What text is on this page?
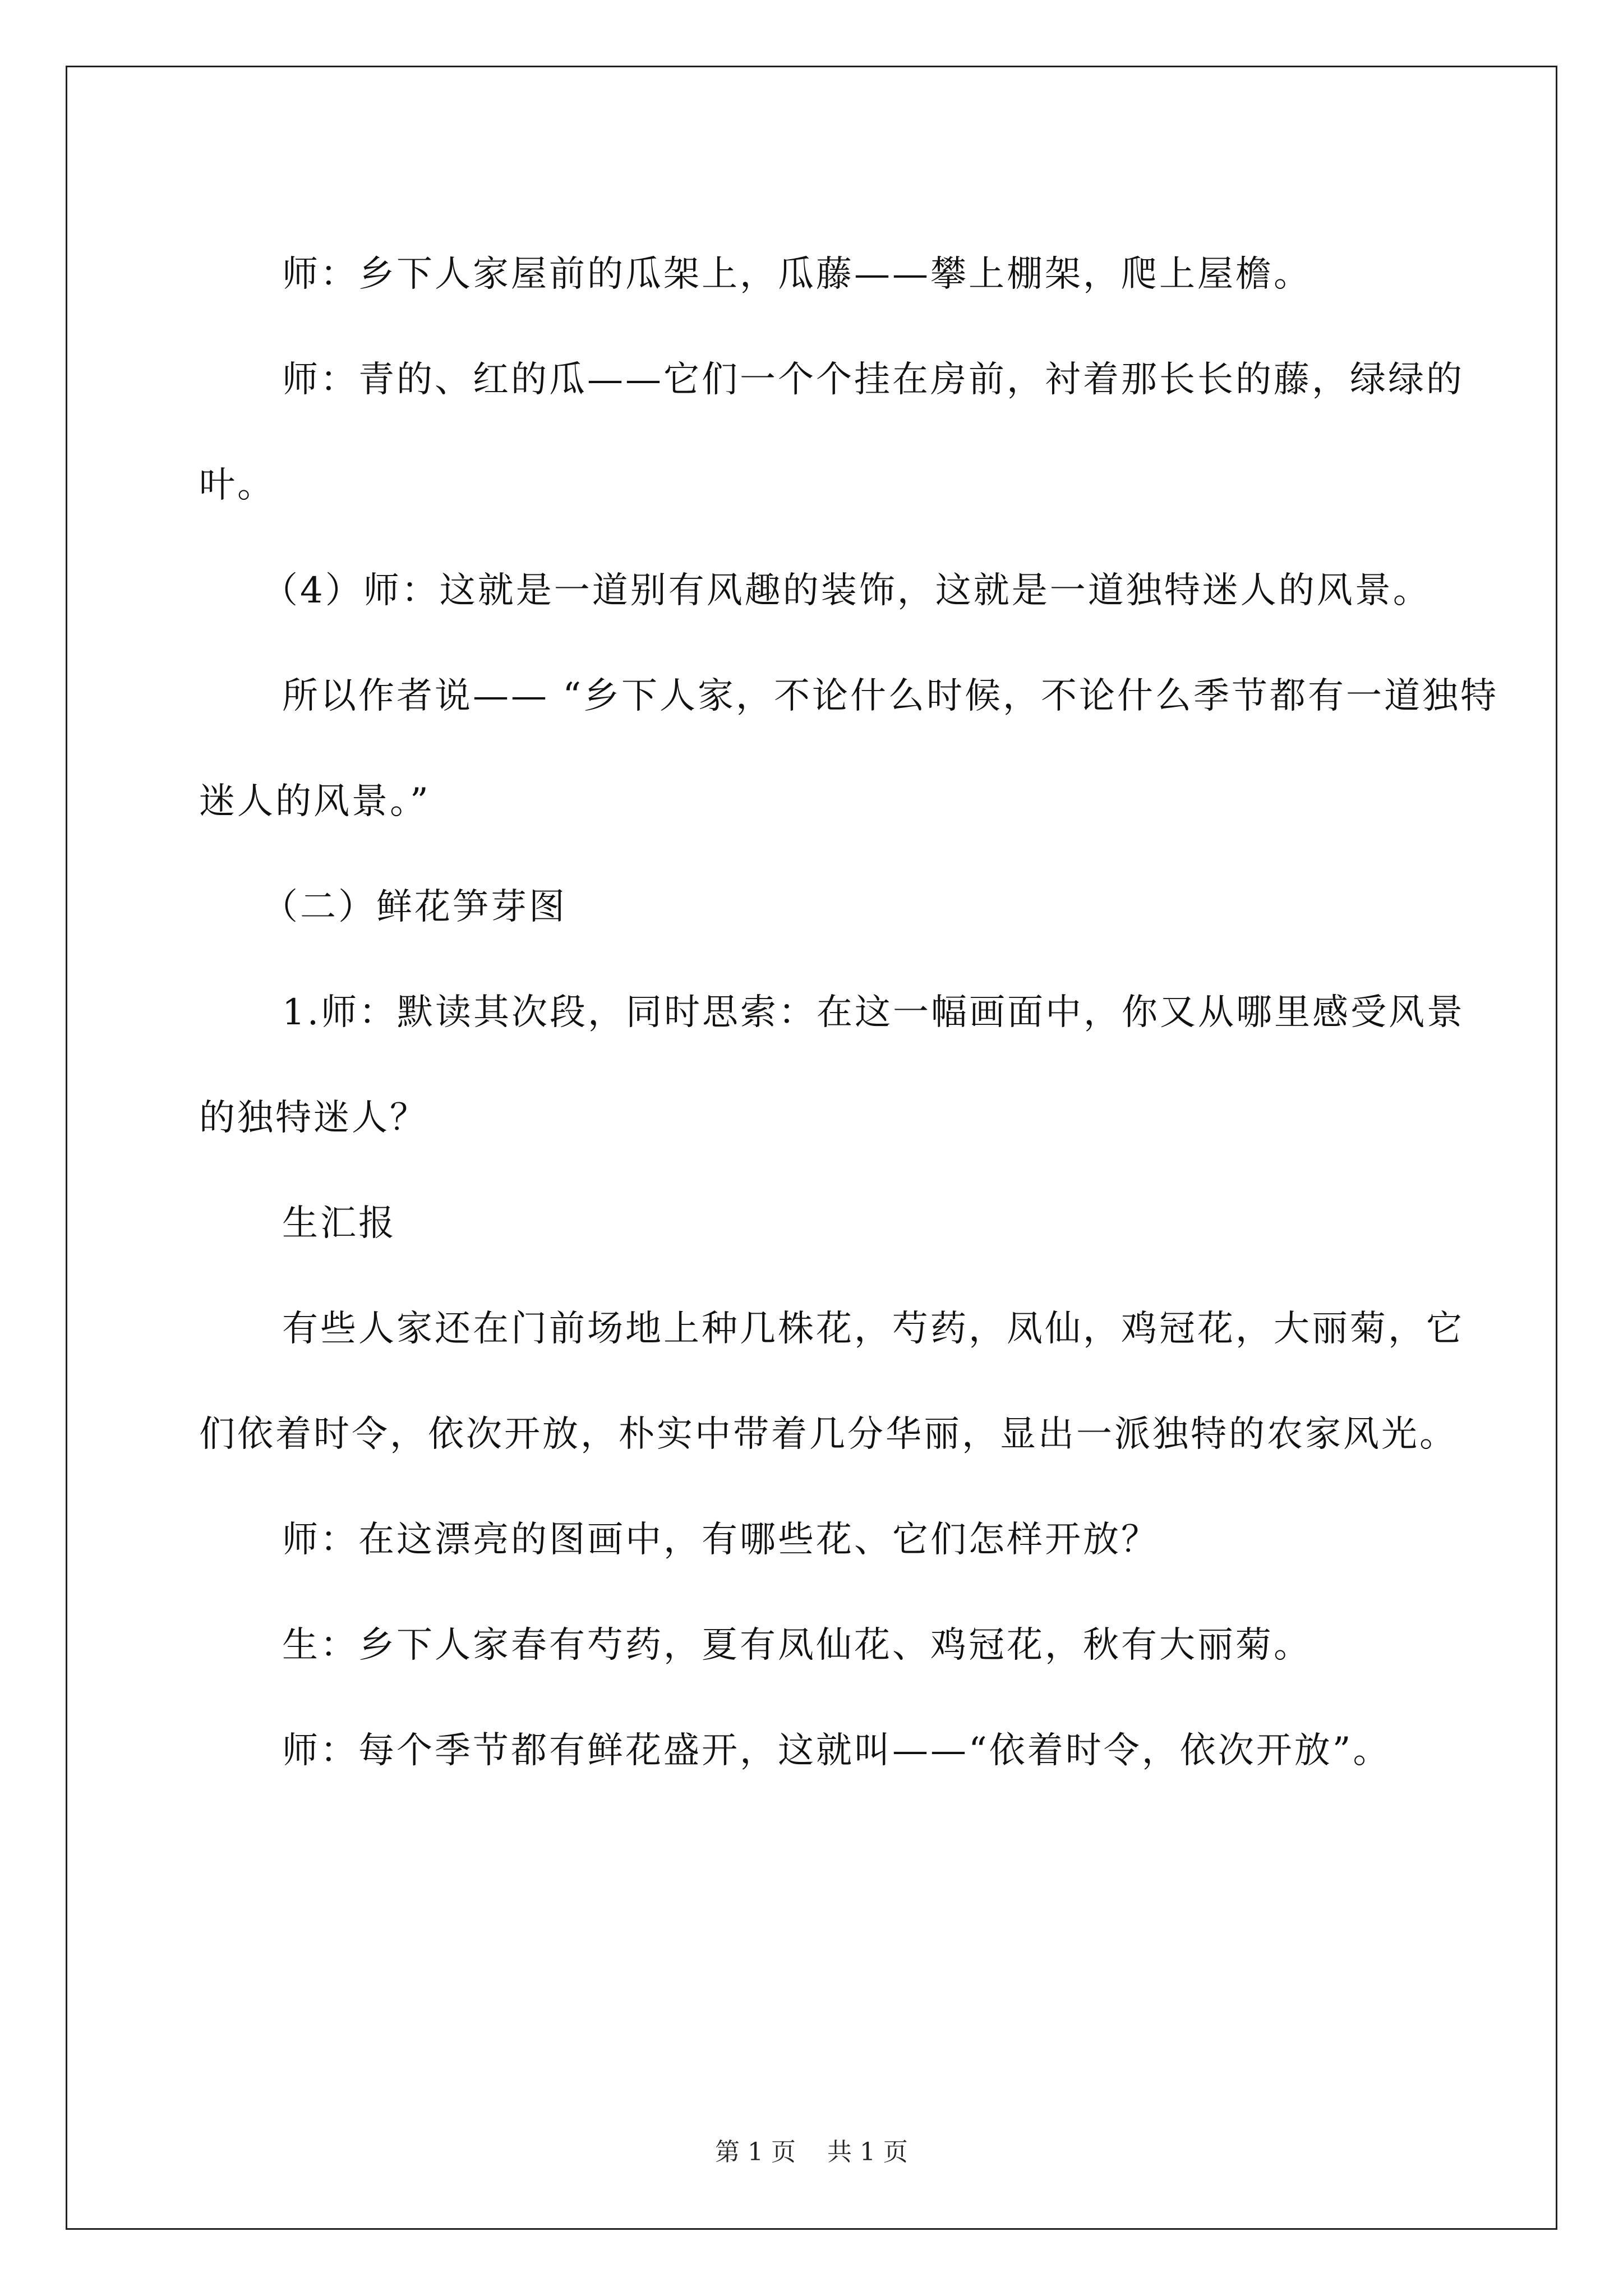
师：乡下人家屋前的瓜架上，瓜藤——攀上棚架，爬上屋檐。

师：青的、红的瓜——它们一个个挂在房前，衬着那长长的藤，绿绿的叶。

（4）师：这就是一道别有风趣的装饰，这就是一道独特迷人的风景。

所以作者说—— “乡下人家，不论什么时候，不论什么季节都有一道独特迷人的风景。”

（二）鲜花笋芽图

1.师：默读其次段，同时思索：在这一幅画面中，你又从哪里感受风景的独特迷人？

生汇报

有些人家还在门前场地上种几株花，芍药，凤仙，鸡冠花，大丽菊，它们依着时令，依次开放，朴实中带着几分华丽，显出一派独特的农家风光。

师：在这漂亮的图画中，有哪些花、它们怎样开放？

生：乡下人家春有芍药，夏有凤仙花、鸡冠花，秋有大丽菊。

师：每个季节都有鲜花盛开，这就叫——“依着时令，依次开放”。

第 1 页    共 1 页
